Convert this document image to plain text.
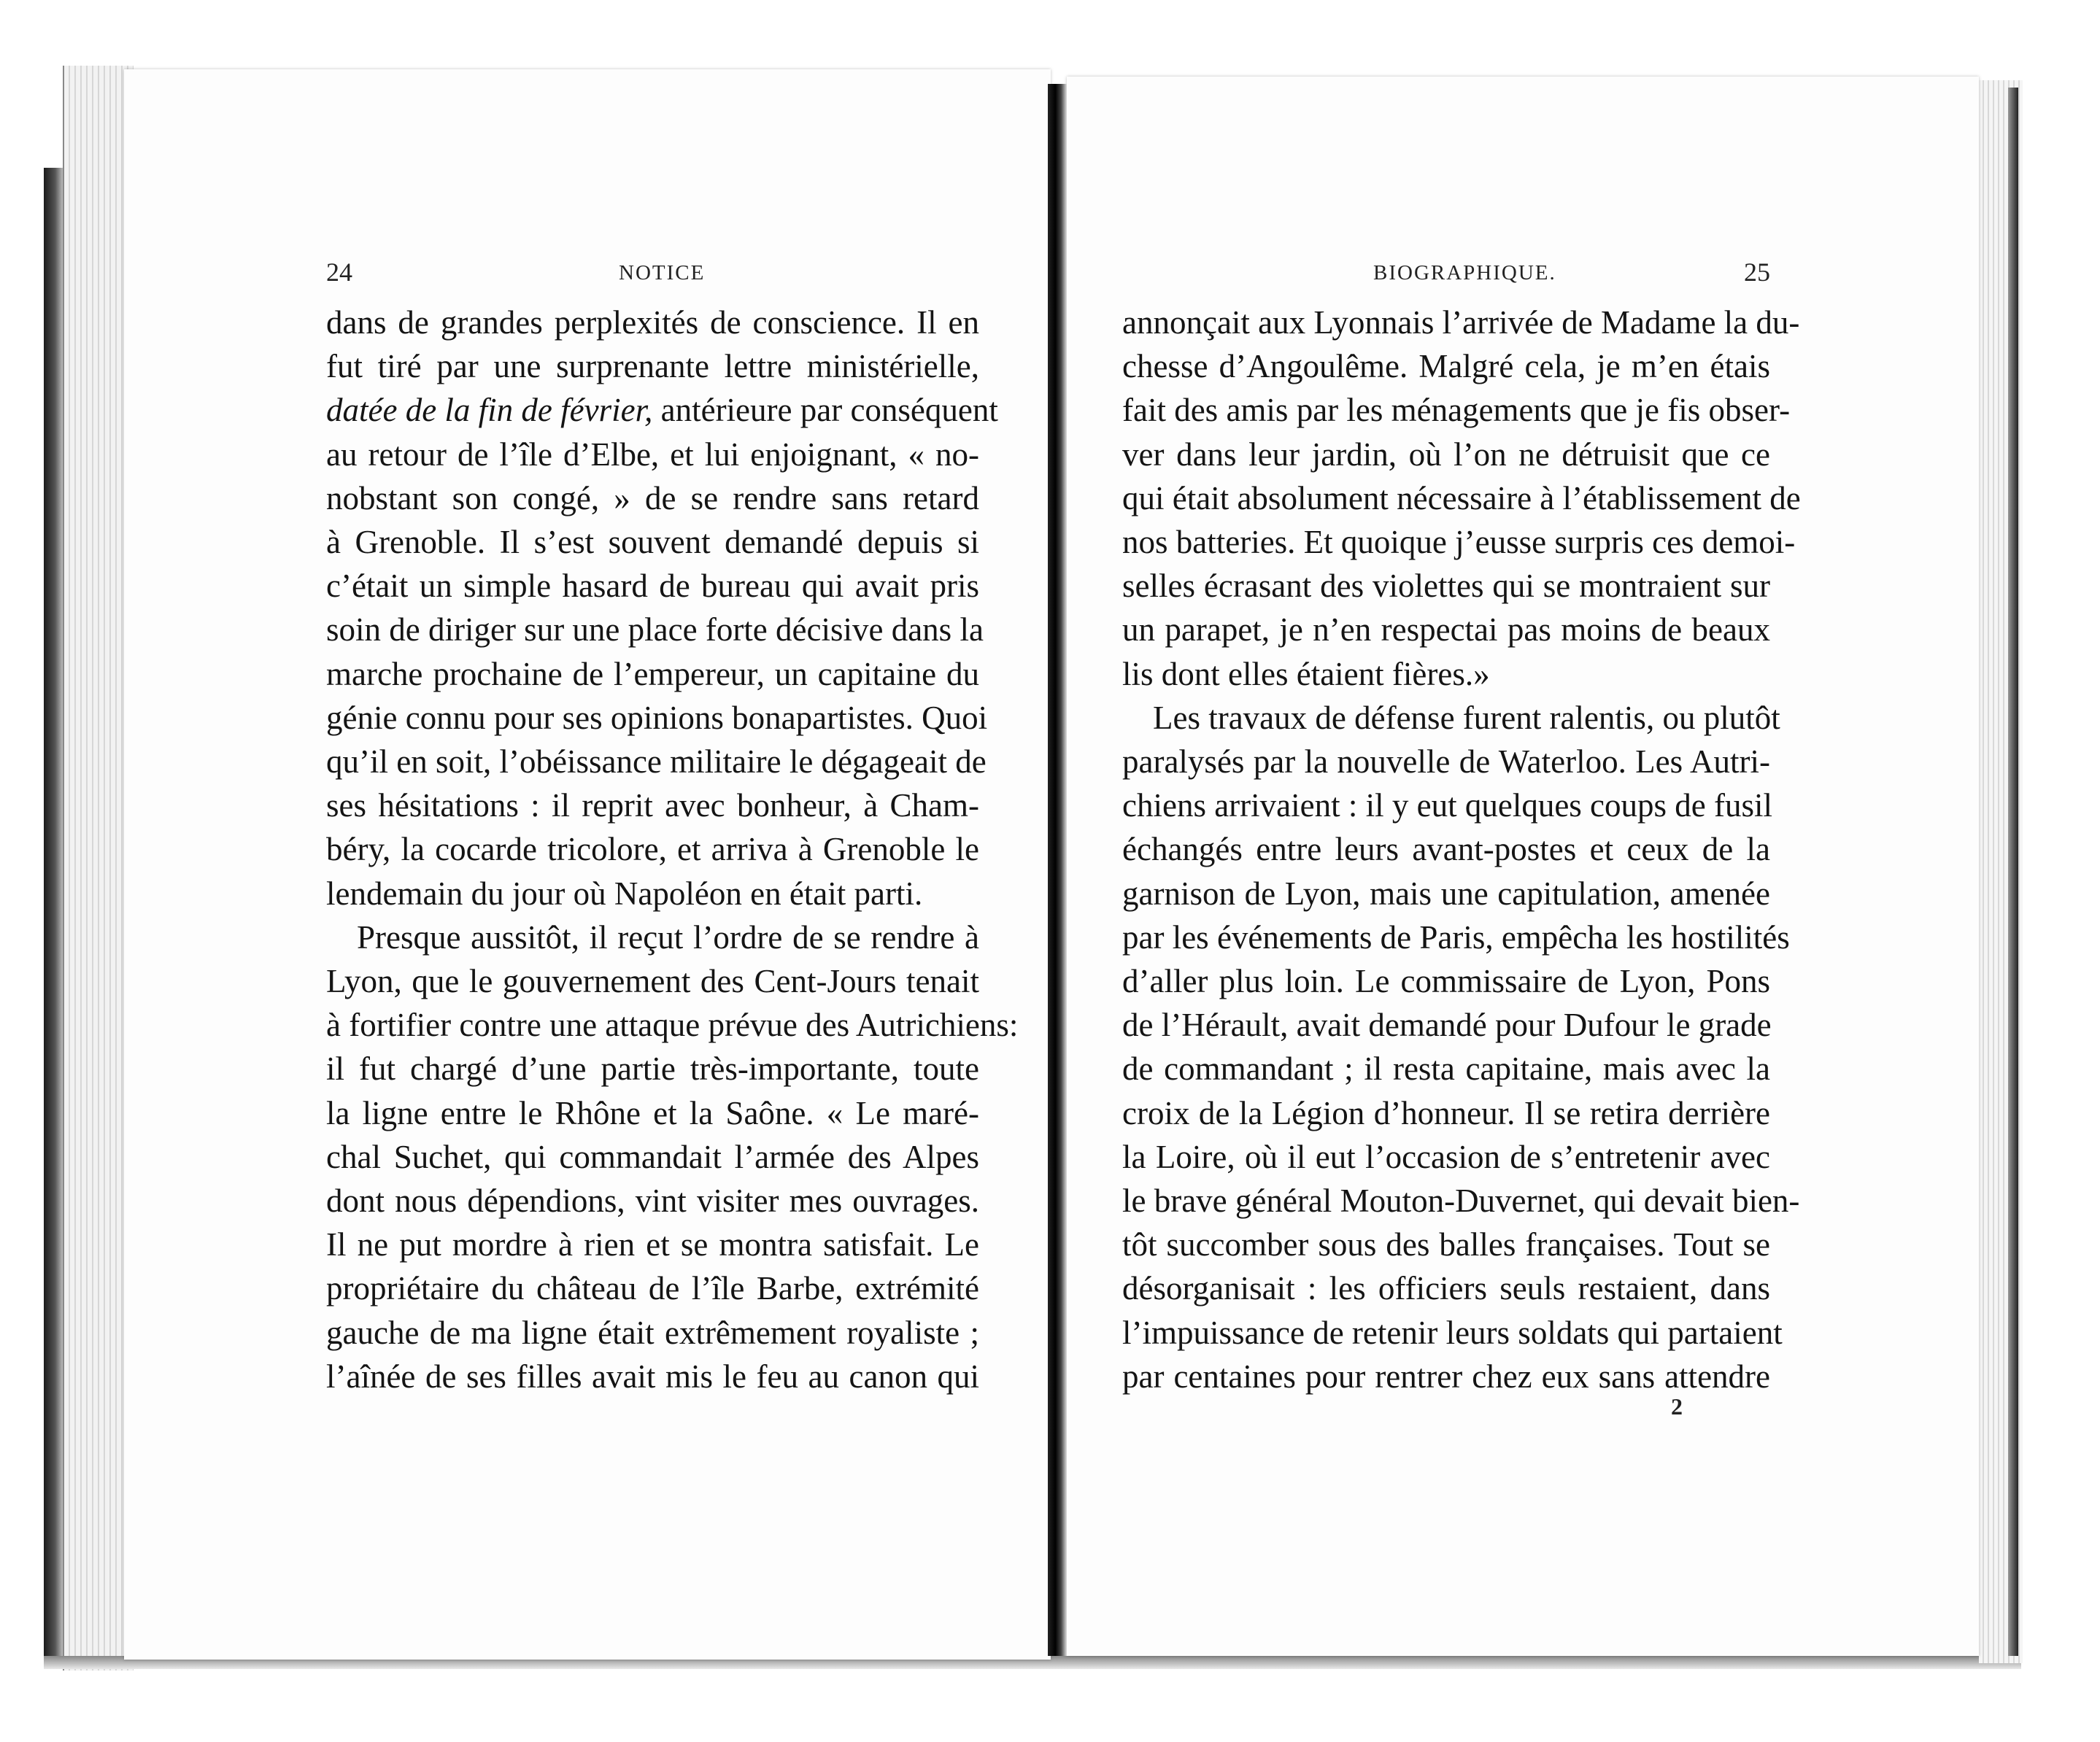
24	NOTICE	BIOGRAPHIQUE.	25
dans de grandes perplexités de conscience. Il en
fut tiré par une surprenante lettre ministérielle,
datée de la fin de février, antérieure par conséquent
au retour de l’île d’Elbe, et lui enjoignant, « no-
nobstant son congé, » de se rendre sans retard
à Grenoble. Il s’est souvent demandé depuis si
c’était un simple hasard de bureau qui avait pris
soin de diriger sur une place forte décisive dans la
marche prochaine de l’empereur, un capitaine du
génie connu pour ses opinions bonapartistes. Quoi
qu’il en soit, l’obéissance militaire le dégageait de
ses hésitations : il reprit avec bonheur, à Cham-
béry, la cocarde tricolore, et arriva à Grenoble le
lendemain du jour où Napoléon en était parti.
Presque aussitôt, il reçut l’ordre de se rendre à
Lyon, que le gouvernement des Cent-Jours tenait
à fortifier contre une attaque prévue des Autrichiens:
il fut chargé d’une partie très-importante, toute
la ligne entre le Rhône et la Saône. « Le maré-
chal Suchet, qui commandait l’armée des Alpes
dont nous dépendions, vint visiter mes ouvrages.
Il ne put mordre à rien et se montra satisfait. Le
propriétaire du château de l’île Barbe, extrémité
gauche de ma ligne était extrêmement royaliste ;
l’aînée de ses filles avait mis le feu au canon qui
annonçait aux Lyonnais l’arrivée de Madame la du-
chesse d’Angoulême. Malgré cela, je m’en étais
fait des amis par les ménagements que je fis obser-
ver dans leur jardin, où l’on ne détruisit que ce
qui était absolument nécessaire à l’établissement de
nos batteries. Et quoique j’eusse surpris ces demoi-
selles écrasant des violettes qui se montraient sur
un parapet, je n’en respectai pas moins de beaux
lis dont elles étaient fières.»
Les travaux de défense furent ralentis, ou plutôt
paralysés par la nouvelle de Waterloo. Les Autri-
chiens arrivaient : il y eut quelques coups de fusil
échangés entre leurs avant-postes et ceux de la
garnison de Lyon, mais une capitulation, amenée
par les événements de Paris, empêcha les hostilités
d’aller plus loin. Le commissaire de Lyon, Pons
de l’Hérault, avait demandé pour Dufour le grade
de commandant ; il resta capitaine, mais avec la
croix de la Légion d’honneur. Il se retira derrière
la Loire, où il eut l’occasion de s’entretenir avec
le brave général Mouton-Duvernet, qui devait bien-
tôt succomber sous des balles françaises. Tout se
désorganisait : les officiers seuls restaient, dans
l’impuissance de retenir leurs soldats qui partaient
par centaines pour rentrer chez eux sans attendre
2
